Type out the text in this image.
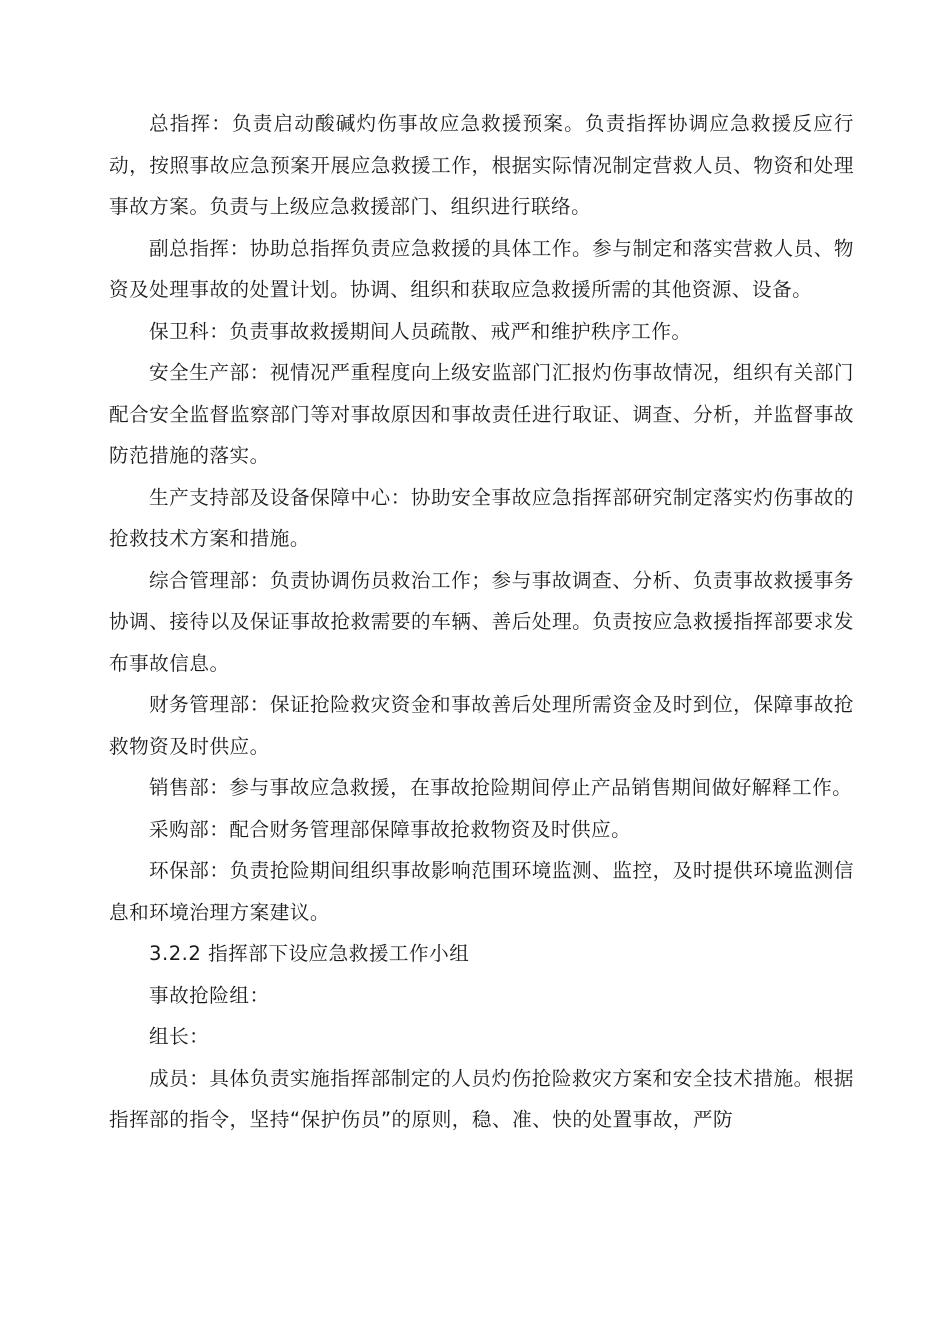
总指挥：负责启动酸碱灼伤事故应急救援预案。负责指挥协调应急救援反应行动，按照事故应急预案开展应急救援工作，根据实际情况制定营救人员、物资和处理事故方案。负责与上级应急救援部门、组织进行联络。

副总指挥：协助总指挥负责应急救援的具体工作。参与制定和落实营救人员、物资及处理事故的处置计划。协调、组织和获取应急救援所需的其他资源、设备。

保卫科：负责事故救援期间人员疏散、戒严和维护秩序工作。

安全生产部：视情况严重程度向上级安监部门汇报灼伤事故情况，组织有关部门配合安全监督监察部门等对事故原因和事故责任进行取证、调查、分析，并监督事故防范措施的落实。

生产支持部及设备保障中心：协助安全事故应急指挥部研究制定落实灼伤事故的抢救技术方案和措施。

综合管理部：负责协调伤员救治工作；参与事故调查、分析、负责事故救援事务协调、接待以及保证事故抢救需要的车辆、善后处理。负责按应急救援指挥部要求发布事故信息。

财务管理部：保证抢险救灾资金和事故善后处理所需资金及时到位，保障事故抢救物资及时供应。

销售部：参与事故应急救援，在事故抢险期间停止产品销售期间做好解释工作。

采购部：配合财务管理部保障事故抢救物资及时供应。

环保部：负责抢险期间组织事故影响范围环境监测、监控，及时提供环境监测信息和环境治理方案建议。

3.2.2 指挥部下设应急救援工作小组

事故抢险组：

组长：

成员：具体负责实施指挥部制定的人员灼伤抢险救灾方案和安全技术措施。根据指挥部的指令，坚持“保护伤员”的原则，稳、准、快的处置事故，严防
